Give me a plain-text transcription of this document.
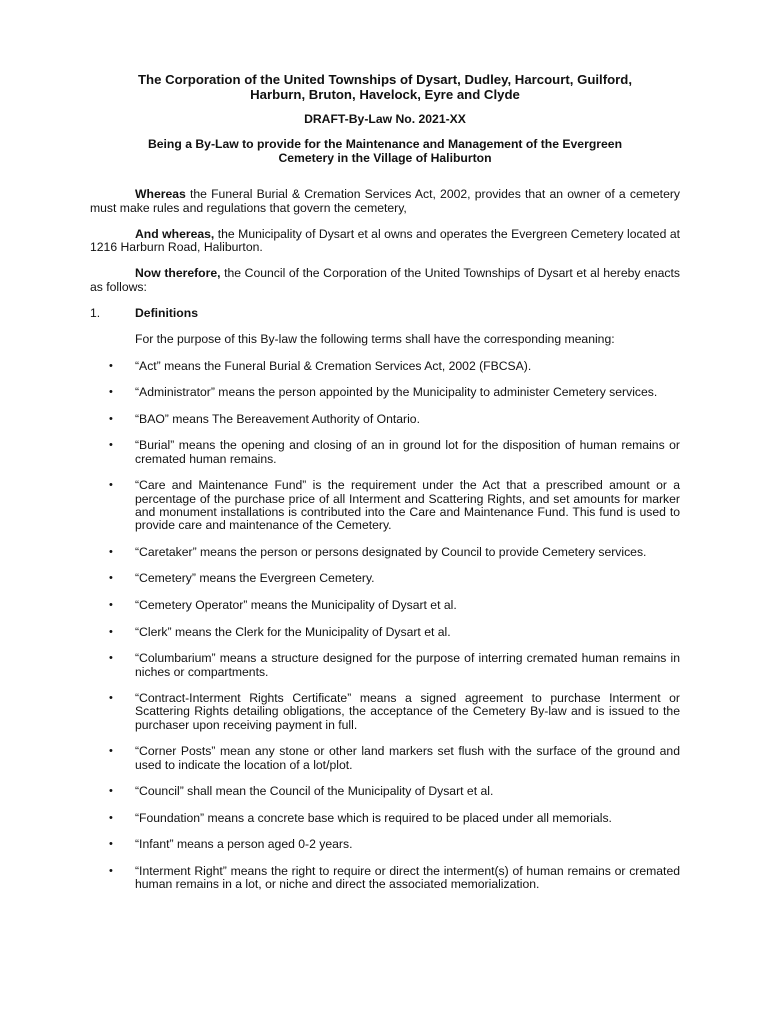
The Corporation of the United Townships of Dysart, Dudley, Harcourt, Guilford,
Harburn, Bruton, Havelock, Eyre and Clyde
DRAFT-By-Law No. 2021-XX
Being a By-Law to provide for the Maintenance and Management of the Evergreen
Cemetery in the Village of Haliburton

Whereas the Funeral Burial & Cremation Services Act, 2002, provides that an owner of a cemetery must make rules and regulations that govern the cemetery,

And whereas, the Municipality of Dysart et al owns and operates the Evergreen Cemetery located at 1216 Harburn Road, Haliburton.

Now therefore, the Council of the Corporation of the United Townships of Dysart et al hereby enacts as follows:

1.	Definitions

For the purpose of this By-law the following terms shall have the corresponding meaning:

• “Act” means the Funeral Burial & Cremation Services Act, 2002 (FBCSA).
• “Administrator” means the person appointed by the Municipality to administer Cemetery services.
• “BAO” means The Bereavement Authority of Ontario.
• “Burial” means the opening and closing of an in ground lot for the disposition of human remains or cremated human remains.
• “Care and Maintenance Fund” is the requirement under the Act that a prescribed amount or a percentage of the purchase price of all Interment and Scattering Rights, and set amounts for marker and monument installations is contributed into the Care and Maintenance Fund. This fund is used to provide care and maintenance of the Cemetery.
• “Caretaker” means the person or persons designated by Council to provide Cemetery services.
• “Cemetery” means the Evergreen Cemetery.
• “Cemetery Operator” means the Municipality of Dysart et al.
• “Clerk” means the Clerk for the Municipality of Dysart et al.
• “Columbarium” means a structure designed for the purpose of interring cremated human remains in niches or compartments.
• “Contract-Interment Rights Certificate” means a signed agreement to purchase Interment or Scattering Rights detailing obligations, the acceptance of the Cemetery By-law and is issued to the purchaser upon receiving payment in full.
• “Corner Posts” mean any stone or other land markers set flush with the surface of the ground and used to indicate the location of a lot/plot.
• “Council” shall mean the Council of the Municipality of Dysart et al.
• “Foundation” means a concrete base which is required to be placed under all memorials.
• “Infant” means a person aged 0-2 years.
• “Interment Right” means the right to require or direct the interment(s) of human remains or cremated human remains in a lot, or niche and direct the associated memorialization.
